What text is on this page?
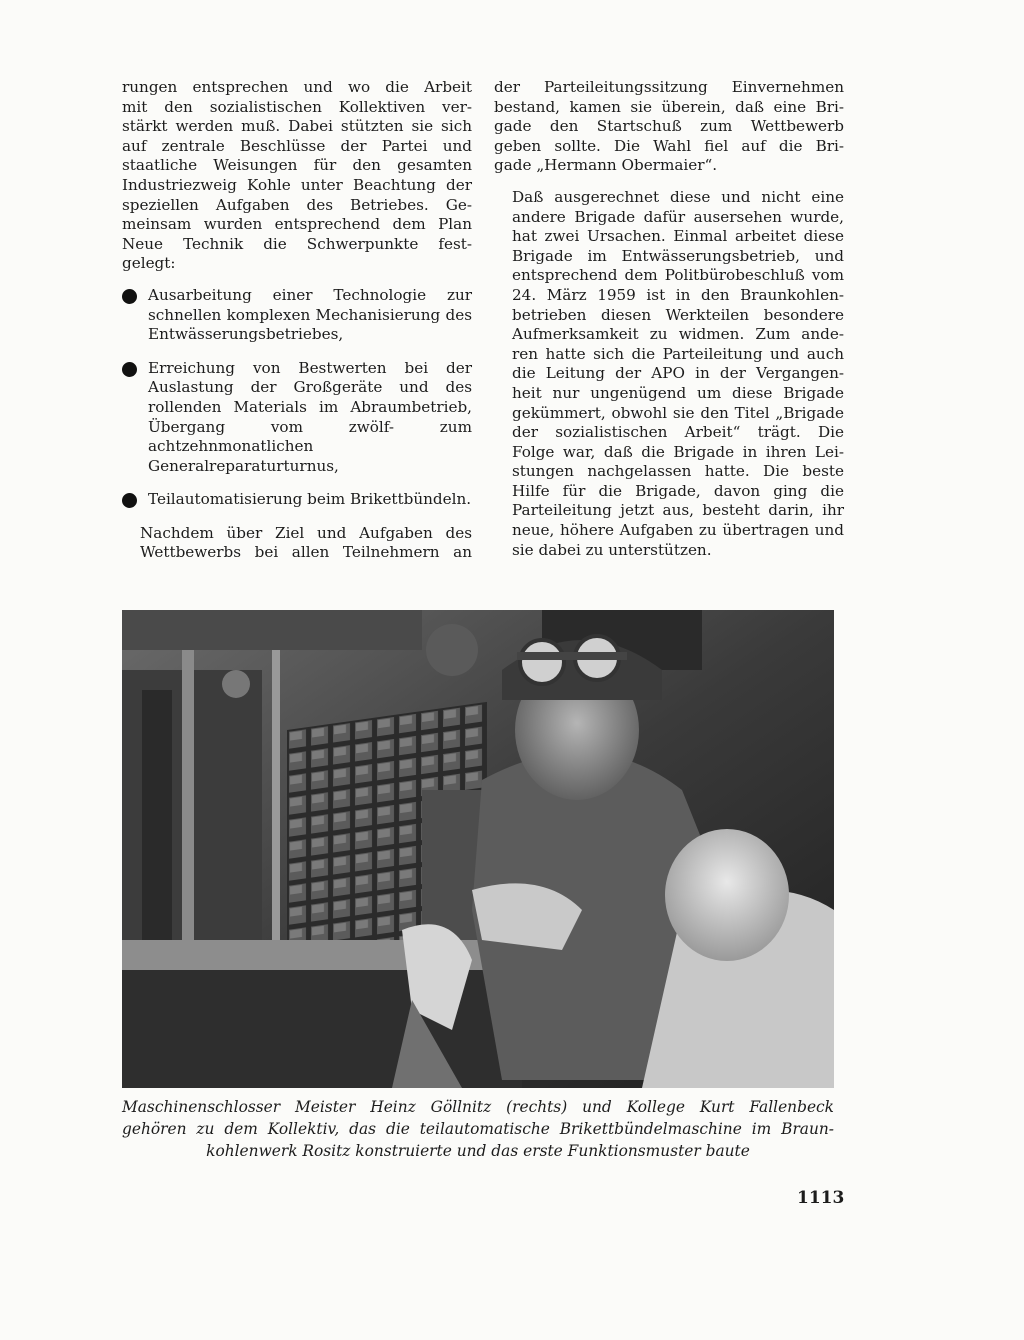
rungen entsprechen und wo die Arbeit
mit den sozialistischen Kollektiven ver-
stärkt werden muß. Dabei stützten sie sich
auf zentrale Beschlüsse der Partei und
staatliche Weisungen für den gesamten
Industriezweig Kohle unter Beachtung der
speziellen Aufgaben des Betriebes. Ge-
meinsam wurden entsprechend dem Plan
Neue Technik die Schwerpunkte fest-
gelegt:

Ausarbeitung einer Technologie zur schnellen komplexen Mechanisierung des Entwässerungsbetriebes,
Erreichung von Bestwerten bei der Auslastung der Großgeräte und des rollenden Materials im Abraumbetrieb, Übergang vom zwölf- zum achtzehnmonatlichen Generalreparaturturnus,
Teilautomatisierung beim Brikettbündeln.

Nachdem über Ziel und Aufgaben des
Wettbewerbs bei allen Teilnehmern an

der Parteileitungssitzung Einvernehmen
bestand, kamen sie überein, daß eine Bri-
gade den Startschuß zum Wettbewerb
geben sollte. Die Wahl fiel auf die Bri-
gade „Hermann Obermaier“.

Daß ausgerechnet diese und nicht eine
andere Brigade dafür ausersehen wurde,
hat zwei Ursachen. Einmal arbeitet diese
Brigade im Entwässerungsbetrieb, und
entsprechend dem Politbürobeschluß vom
24. März 1959 ist in den Braunkohlen-
betrieben diesen Werkteilen besondere
Aufmerksamkeit zu widmen. Zum ande-
ren hatte sich die Parteileitung und auch
die Leitung der APO in der Vergangen-
heit nur ungenügend um diese Brigade
gekümmert, obwohl sie den Titel „Brigade
der sozialistischen Arbeit“ trägt. Die
Folge war, daß die Brigade in ihren Lei-
stungen nachgelassen hatte. Die beste
Hilfe für die Brigade, davon ging die
Parteileitung jetzt aus, besteht darin, ihr
neue, höhere Aufgaben zu übertragen und
sie dabei zu unterstützen.

Maschinenschlosser Meister Heinz Göllnitz (rechts) und Kollege Kurt Fallenbeck
gehören zu dem Kollektiv, das die teilautomatische Brikettbündelmaschine im Braun-
kohlenwerk Rositz konstruierte und das erste Funktionsmuster baute
1113
